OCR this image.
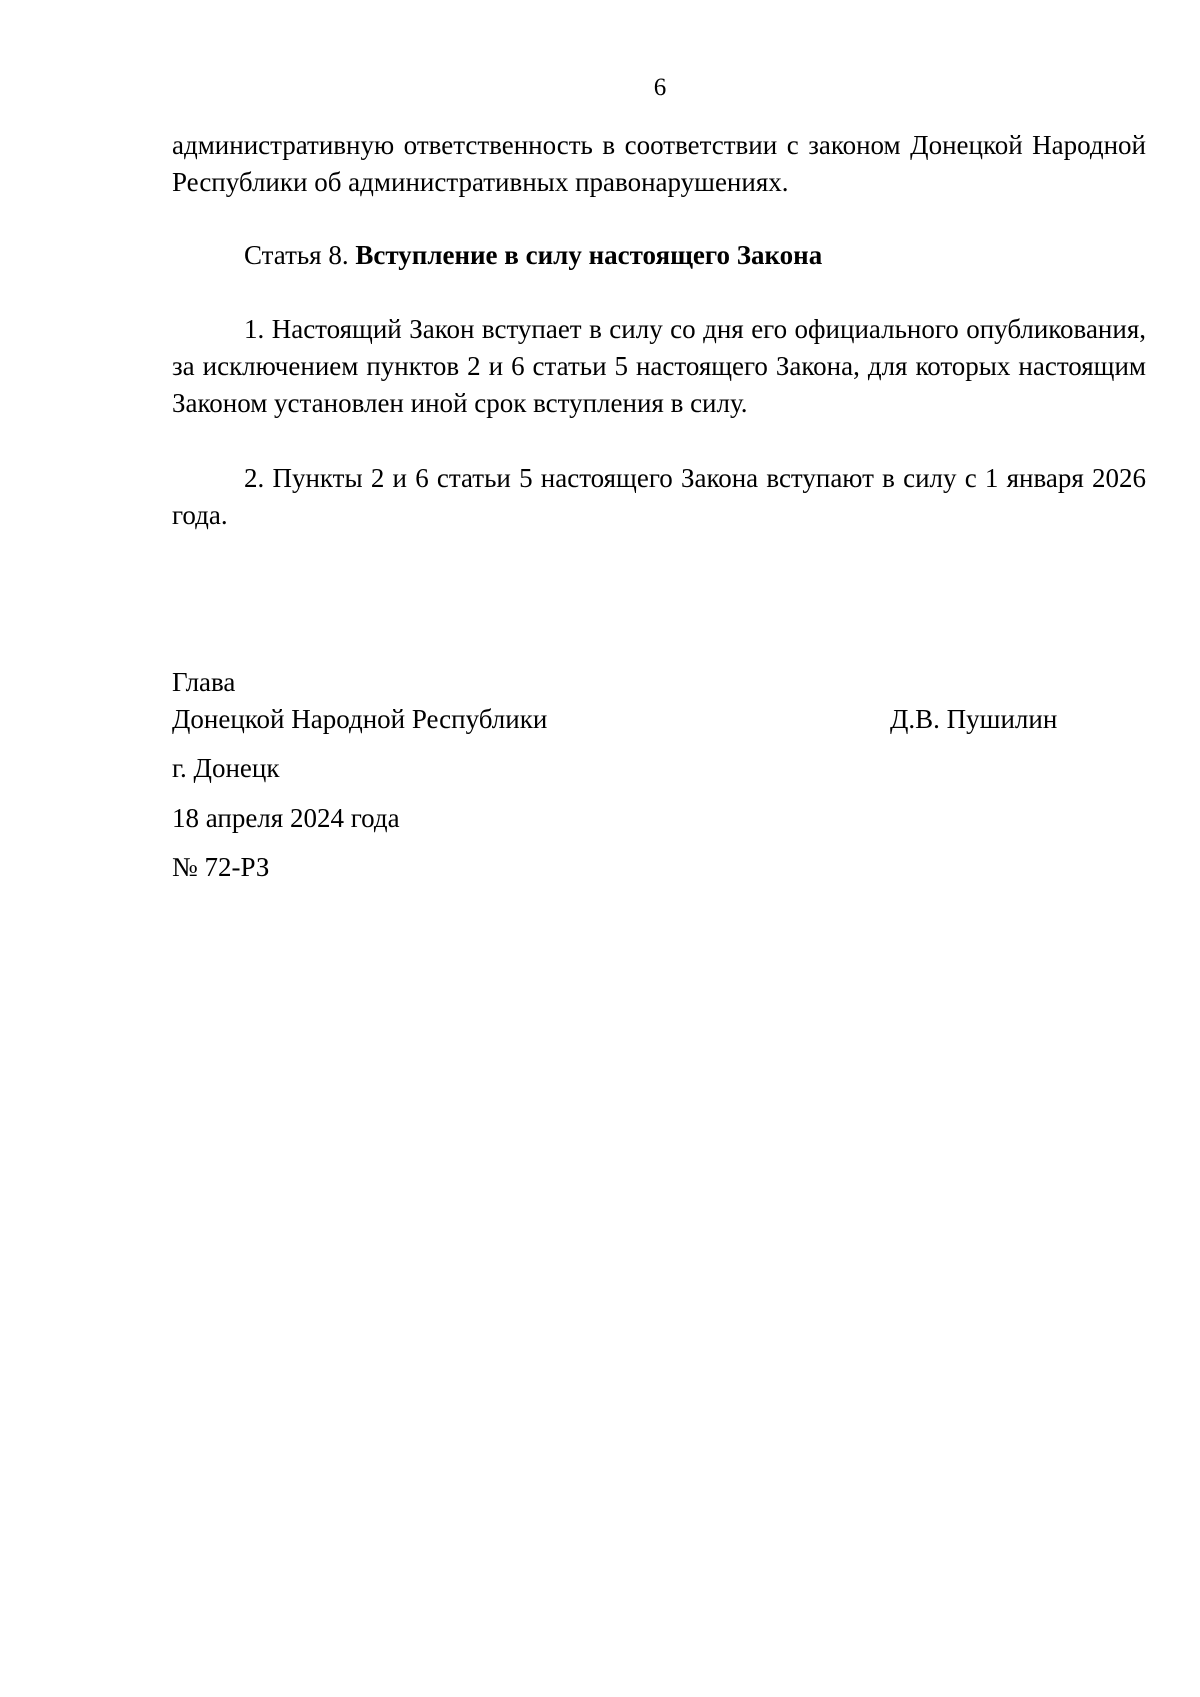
6
административную ответственность в соответствии с законом Донецкой Народной Республики об административных правонарушениях.
Статья 8. Вступление в силу настоящего Закона
1. Настоящий Закон вступает в силу со дня его официального опубликования, за исключением пунктов 2 и 6 статьи 5 настоящего Закона, для которых настоящим Законом установлен иной срок вступления в силу.
2. Пункты 2 и 6 статьи 5 настоящего Закона вступают в силу с 1 января 2026 года.
Глава
Донецкой Народной Республики	Д.В. Пушилин
г. Донецк
18 апреля 2024 года
№ 72-РЗ
